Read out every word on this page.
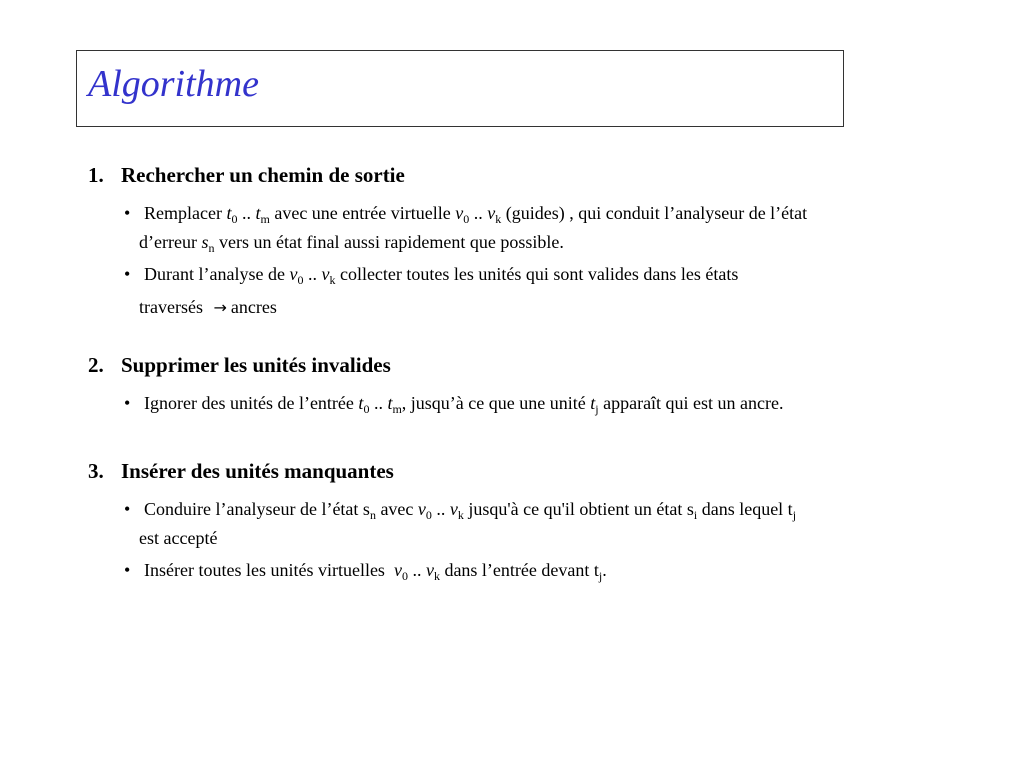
Algorithme
1. Rechercher un chemin de sortie
• Remplacer $t_0$ .. $t_m$ avec une entrée virtuelle $v_0$ .. $v_k$ (guides) , qui conduit l’analyseur de l’état
d’erreur $s_n$ vers un état final aussi rapidement que possible.
• Durant l’analyse de $v_0$ .. $v_k$ collecter toutes les unités qui sont valides dans les états
traversés → ancres
2. Supprimer les unités invalides
• Ignorer des unités de l’entrée $t_0$ .. $t_m$, jusqu’à ce que une unité $t_j$ apparaît qui est un ancre.
3. Insérer des unités manquantes
• Conduire l’analyseur de l’état $s_n$ avec $v_0$ .. $v_k$ jusqu'à ce qu'il obtient un état $s_i$ dans lequel $t_j$
est accepté
• Insérer toutes les unités virtuelles  $v_0$ .. $v_k$ dans l’entrée devant $t_j$.
